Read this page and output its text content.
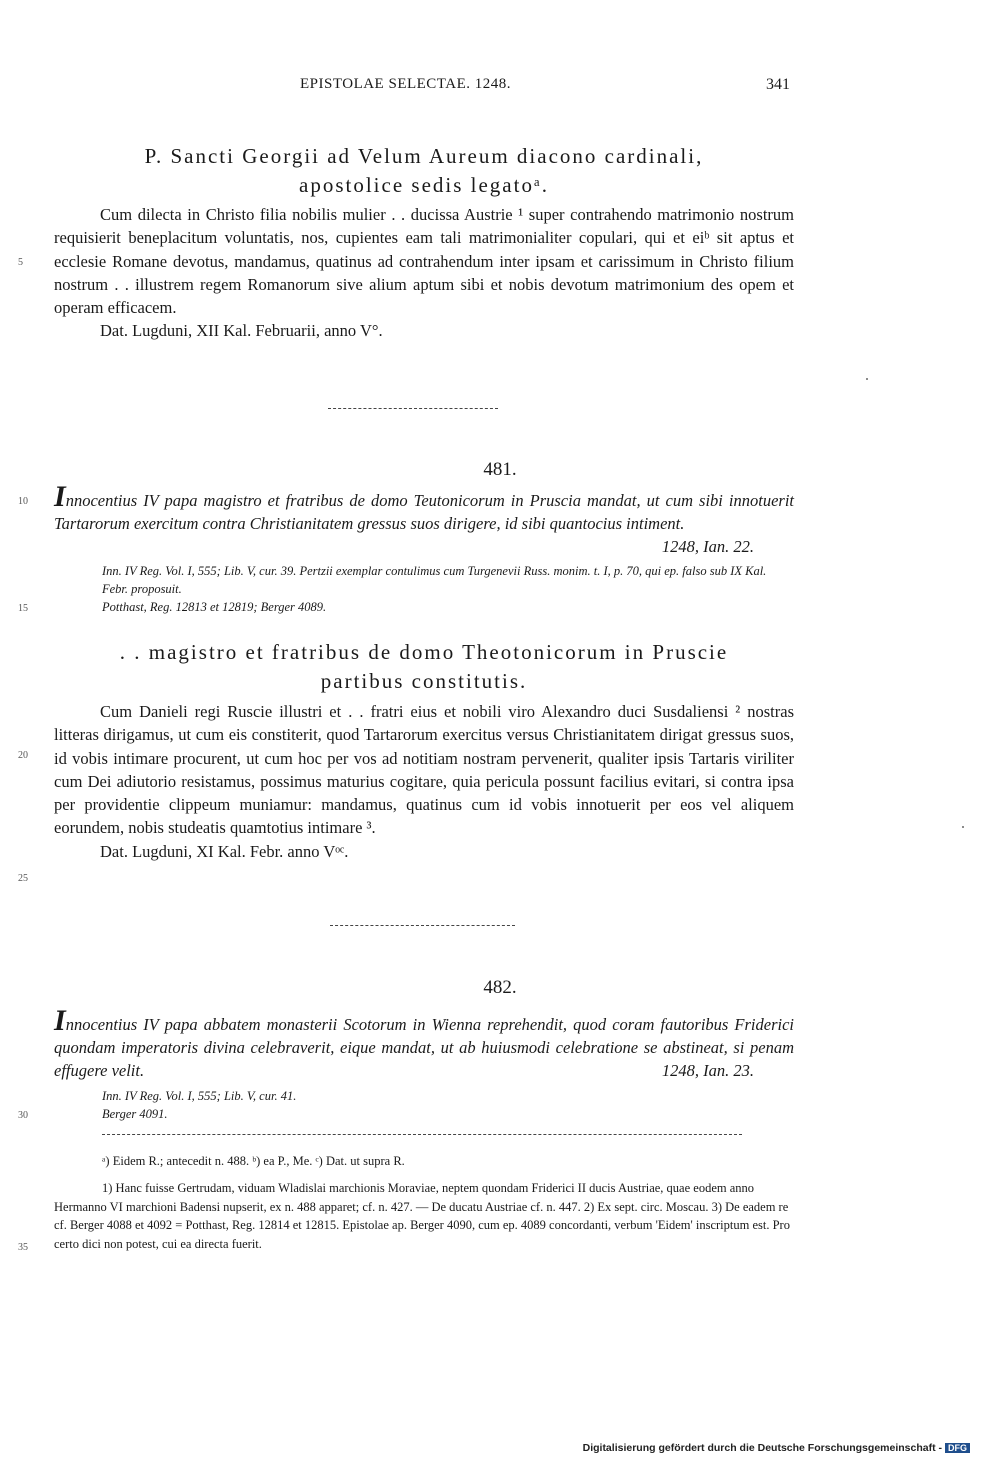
EPISTOLAE SELECTAE. 1248.	341
P. Sancti Georgii ad Velum Aureum diacono cardinali,
apostolice sedis legatoᵃ.

Cum dilecta in Christo filia nobilis mulier . . ducissa Austrie ¹ super contrahendo matrimonio nostrum requisierit beneplacitum voluntatis, nos, cupientes eam tali matrimonialiter copulari, qui et eiᵇ sit aptus et ecclesie Romane devotus, mandamus, quatinus ad contrahendum inter ipsam et carissimum in Christo filium nostrum . . illustrem regem Romanorum sive alium aptum sibi et nobis devotum matrimonium des opem et operam efficacem.

Dat. Lugduni, XII Kal. Februarii, anno V°.

481.
Innocentius IV papa magistro et fratribus de domo Teutonicorum in Pruscia mandat, ut cum sibi innotuerit Tartarorum exercitum contra Christianitatem gressus suos dirigere, id sibi quantocius intiment.
1248, Ian. 22.
Inn. IV Reg. Vol. I, 555; Lib. V, cur. 39. Pertzii exemplar contulimus cum Turgenevii Russ. monim. t. I, p. 70, qui ep. falso sub IX Kal. Febr. proposuit.
Potthast, Reg. 12813 et 12819; Berger 4089.
. . magistro et fratribus de domo Theotonicorum in Pruscie
partibus constitutis.

Cum Danieli regi Ruscie illustri et . . fratri eius et nobili viro Alexandro duci Susdaliensi ² nostras litteras dirigamus, ut cum eis constiterit, quod Tartarorum exercitus versus Christianitatem dirigat gressus suos, id vobis intimare procurent, ut cum hoc per vos ad notitiam nostram pervenerit, qualiter ipsis Tartaris viriliter cum Dei adiutorio resistamus, possimus maturius cogitare, quia pericula possunt facilius evitari, si contra ipsa per providentie clippeum muniamur: mandamus, quatinus cum id vobis innotuerit per eos vel aliquem eorundem, nobis studeatis quamtotius intimare ³.

Dat. Lugduni, XI Kal. Febr. anno Vᵒᶜ.

482.
Innocentius IV papa abbatem monasterii Scotorum in Wienna reprehendit, quod coram fautoribus Friderici quondam imperatoris divina celebraverit, eique mandat, ut ab huiusmodi celebratione se abstineat, si penam effugere velit.	1248, Ian. 23.
Inn. IV Reg. Vol. I, 555; Lib. V, cur. 41.
Berger 4091.
ᵃ) Eidem R.; antecedit n. 488. ᵇ) ea P., Me. ᶜ) Dat. ut supra R.
1) Hanc fuisse Gertrudam, viduam Wladislai marchionis Moraviae, neptem quondam Friderici II ducis Austriae, quae eodem anno Hermanno VI marchioni Badensi nupserit, ex n. 488 apparet; cf. n. 427. — De ducatu Austriae cf. n. 447. 2) Ex sept. circ. Moscau. 3) De eadem re cf. Berger 4088 et 4092 = Potthast, Reg. 12814 et 12815. Epistolae ap. Berger 4090, cum ep. 4089 concordanti, verbum 'Eidem' inscriptum est. Pro certo dici non potest, cui ea directa fuerit.
5
10
15
20
25
30
35
Digitalisierung gefördert durch die Deutsche Forschungsgemeinschaft - DFG
